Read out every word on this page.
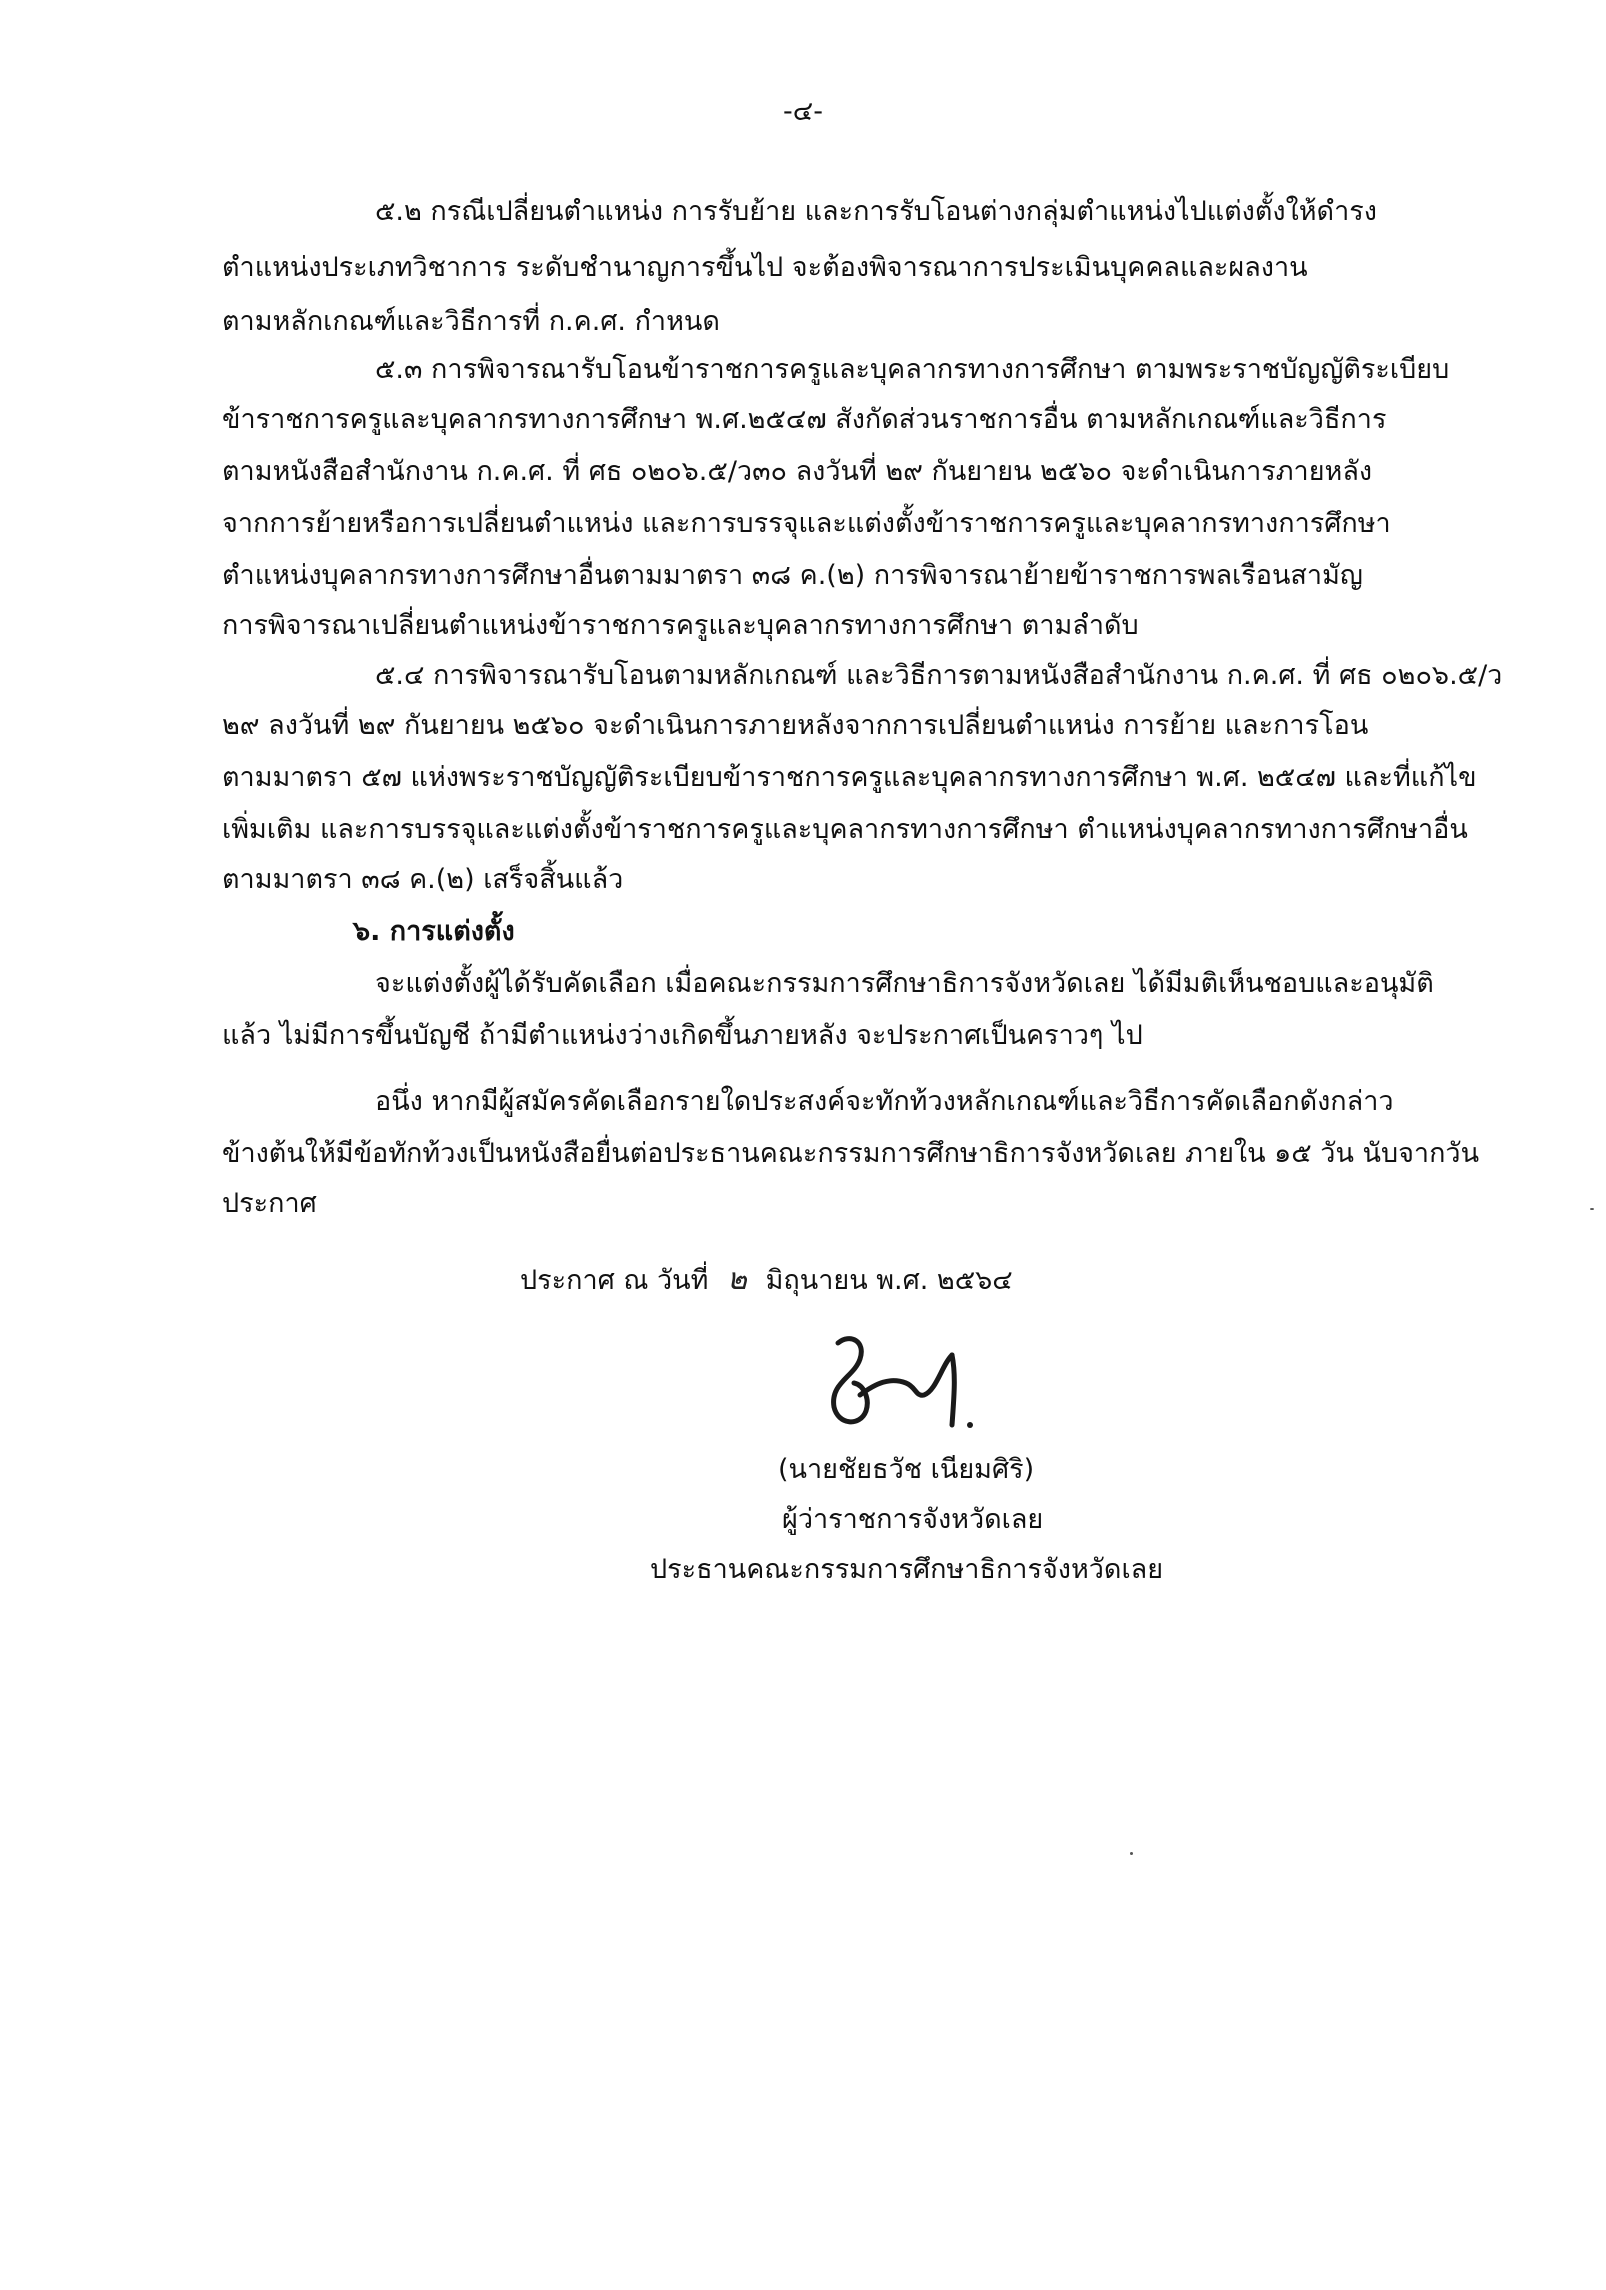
-๔-
๕.๒ กรณีเปลี่ยนตำแหน่ง การรับย้าย และการรับโอนต่างกลุ่มตำแหน่งไปแต่งตั้งให้ดำรง
ตำแหน่งประเภทวิชาการ ระดับชำนาญการขึ้นไป จะต้องพิจารณาการประเมินบุคคลและผลงาน
ตามหลักเกณฑ์และวิธีการที่ ก.ค.ศ. กำหนด
๕.๓ การพิจารณารับโอนข้าราชการครูและบุคลากรทางการศึกษา ตามพระราชบัญญัติระเบียบ
ข้าราชการครูและบุคลากรทางการศึกษา พ.ศ.๒๕๔๗ สังกัดส่วนราชการอื่น ตามหลักเกณฑ์และวิธีการ
ตามหนังสือสำนักงาน ก.ค.ศ. ที่ ศธ ๐๒๐๖.๕/ว๓๐ ลงวันที่ ๒๙ กันยายน ๒๕๖๐ จะดำเนินการภายหลัง
จากการย้ายหรือการเปลี่ยนตำแหน่ง และการบรรจุและแต่งตั้งข้าราชการครูและบุคลากรทางการศึกษา
ตำแหน่งบุคลากรทางการศึกษาอื่นตามมาตรา ๓๘ ค.(๒) การพิจารณาย้ายข้าราชการพลเรือนสามัญ
การพิจารณาเปลี่ยนตำแหน่งข้าราชการครูและบุคลากรทางการศึกษา ตามลำดับ
๕.๔ การพิจารณารับโอนตามหลักเกณฑ์ และวิธีการตามหนังสือสำนักงาน ก.ค.ศ. ที่ ศธ ๐๒๐๖.๕/ว
๒๙ ลงวันที่ ๒๙ กันยายน ๒๕๖๐ จะดำเนินการภายหลังจากการเปลี่ยนตำแหน่ง การย้าย และการโอน
ตามมาตรา ๕๗ แห่งพระราชบัญญัติระเบียบข้าราชการครูและบุคลากรทางการศึกษา พ.ศ. ๒๕๔๗ และที่แก้ไข
เพิ่มเติม และการบรรจุและแต่งตั้งข้าราชการครูและบุคลากรทางการศึกษา ตำแหน่งบุคลากรทางการศึกษาอื่น
ตามมาตรา ๓๘ ค.(๒) เสร็จสิ้นแล้ว
๖. การแต่งตั้ง
จะแต่งตั้งผู้ได้รับคัดเลือก เมื่อคณะกรรมการศึกษาธิการจังหวัดเลย ได้มีมติเห็นชอบและอนุมัติ
แล้ว ไม่มีการขึ้นบัญชี ถ้ามีตำแหน่งว่างเกิดขึ้นภายหลัง จะประกาศเป็นคราวๆ ไป
อนึ่ง หากมีผู้สมัครคัดเลือกรายใดประสงค์จะทักท้วงหลักเกณฑ์และวิธีการคัดเลือกดังกล่าว
ข้างต้นให้มีข้อทักท้วงเป็นหนังสือยื่นต่อประธานคณะกรรมการศึกษาธิการจังหวัดเลย ภายใน ๑๕ วัน นับจากวัน
ประกาศ
ประกาศ ณ วันที่ ๒ มิถุนายน พ.ศ. ๒๕๖๔
(นายชัยธวัช เนียมศิริ)
ผู้ว่าราชการจังหวัดเลย
ประธานคณะกรรมการศึกษาธิการจังหวัดเลย
